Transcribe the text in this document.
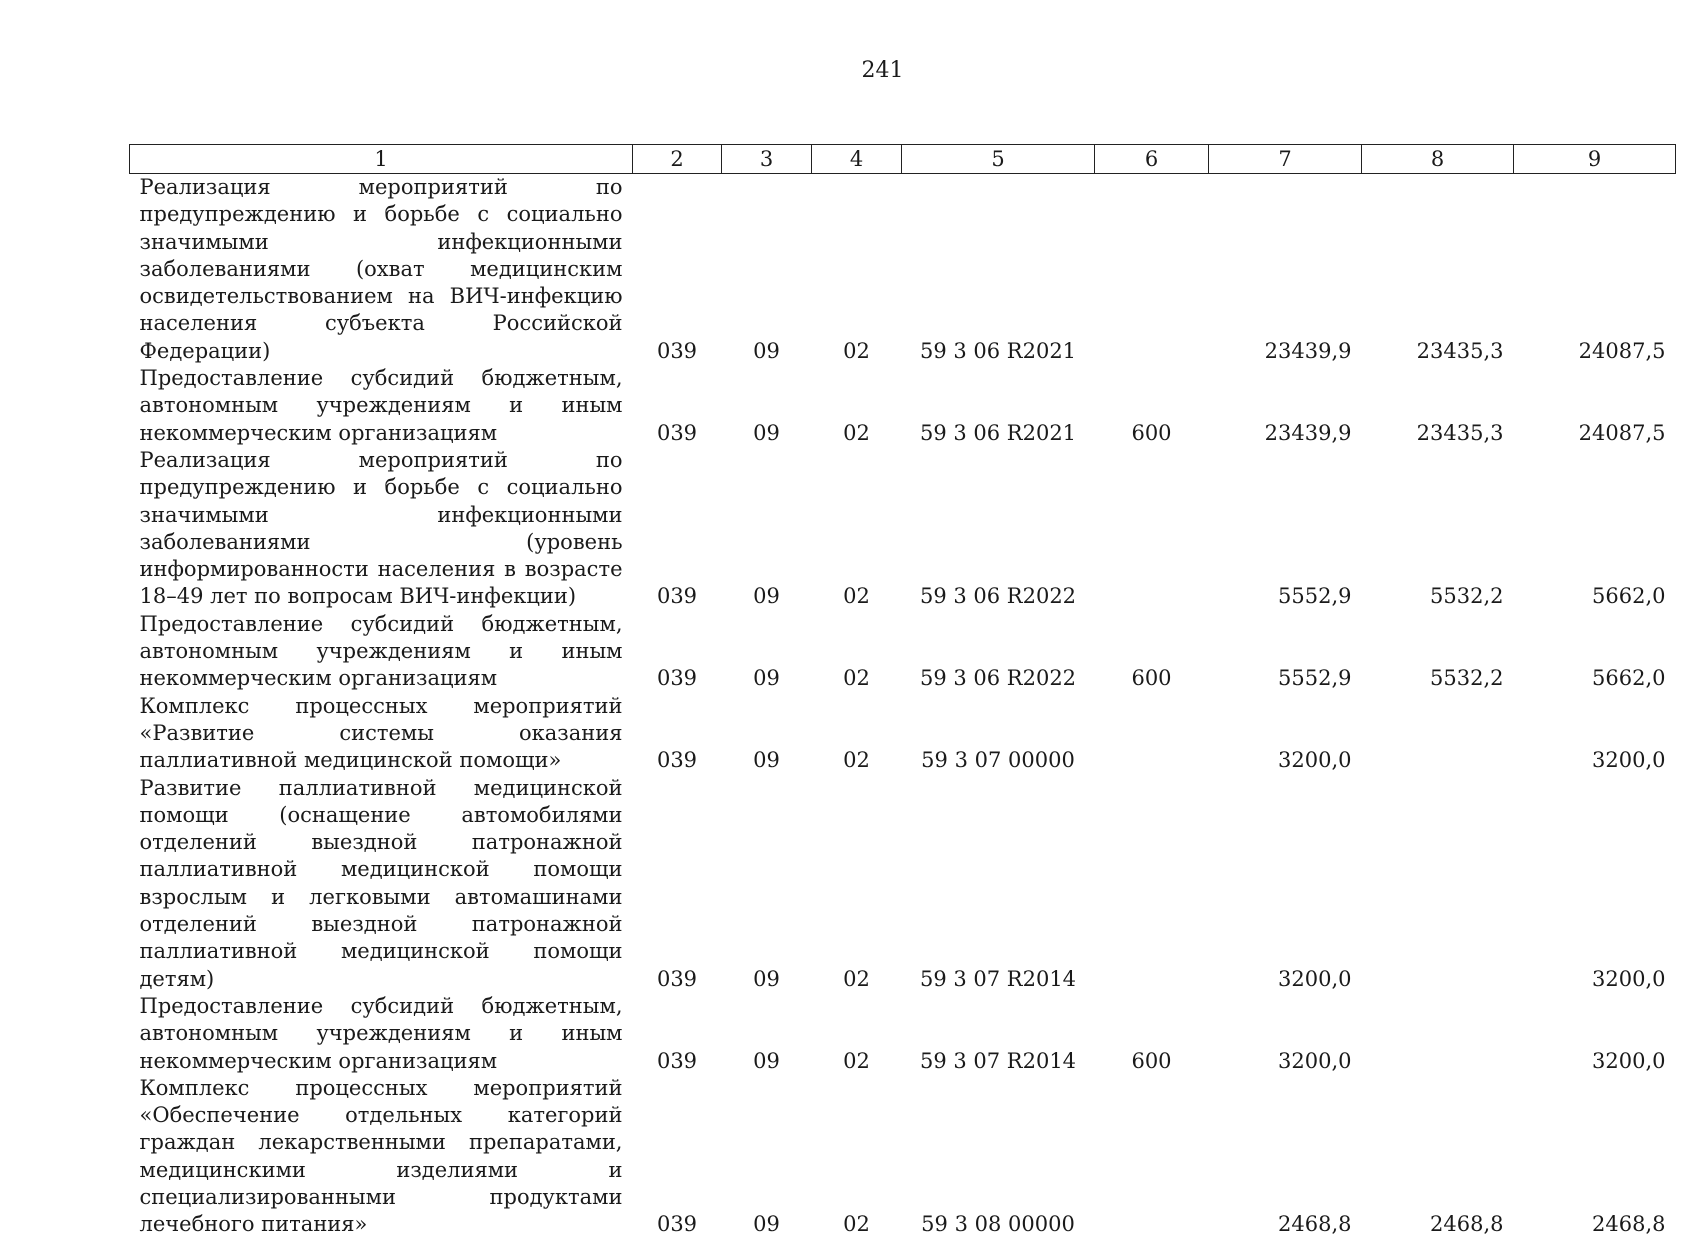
241
1	2	3	4	5	6	7	8	9
Реализация мероприятий по предупреждению и борьбе с социально значимыми инфекционными заболеваниями (охват медицинским освидетельствованием на ВИЧ-инфекцию населения субъекта Российской Федерации)	039	09	02	59 3 06 R2021		23439,9	23435,3	24087,5
Предоставление субсидий бюджетным, автономным учреждениям и иным некоммерческим организациям	039	09	02	59 3 06 R2021	600	23439,9	23435,3	24087,5
Реализация мероприятий по предупреждению и борьбе с социально значимыми инфекционными заболеваниями (уровень информированности населения в возрасте 18–49 лет по вопросам ВИЧ-инфекции)	039	09	02	59 3 06 R2022		5552,9	5532,2	5662,0
Предоставление субсидий бюджетным, автономным учреждениям и иным некоммерческим организациям	039	09	02	59 3 06 R2022	600	5552,9	5532,2	5662,0
Комплекс процессных мероприятий «Развитие системы оказания паллиативной медицинской помощи»	039	09	02	59 3 07 00000		3200,0		3200,0
Развитие паллиативной медицинской помощи (оснащение автомобилями отделений выездной патронажной паллиативной медицинской помощи взрослым и легковыми автомашинами отделений выездной патронажной паллиативной медицинской помощи детям)	039	09	02	59 3 07 R2014		3200,0		3200,0
Предоставление субсидий бюджетным, автономным учреждениям и иным некоммерческим организациям	039	09	02	59 3 07 R2014	600	3200,0		3200,0
Комплекс процессных мероприятий «Обеспечение отдельных категорий граждан лекарственными препаратами, медицинскими изделиями и специализированными продуктами лечебного питания»	039	09	02	59 3 08 00000		2468,8	2468,8	2468,8
